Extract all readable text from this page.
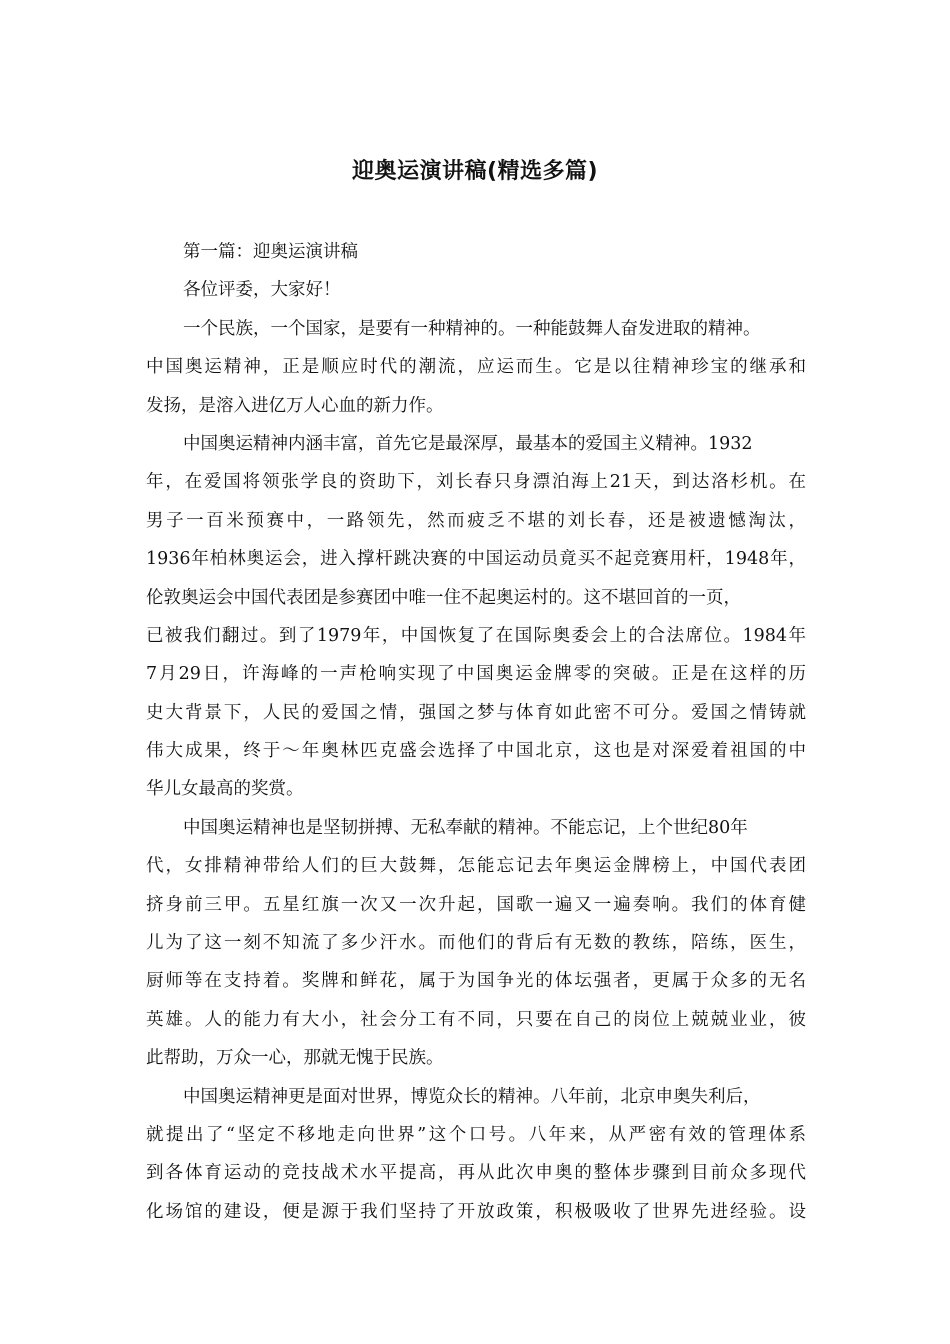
迎奥运演讲稿(精选多篇)
第一篇：迎奥运演讲稿
各位评委，大家好！
一个民族，一个国家，是要有一种精神的。一种能鼓舞人奋发进取的精神。
中国奥运精神，正是顺应时代的潮流，应运而生。它是以往精神珍宝的继承和
发扬，是溶入进亿万人心血的新力作。
中国奥运精神内涵丰富，首先它是最深厚，最基本的爱国主义精神。1932
年，在爱国将领张学良的资助下，刘长春只身漂泊海上21天，到达洛杉机。在
男子一百米预赛中，一路领先，然而疲乏不堪的刘长春，还是被遗憾淘汰，
1936年柏林奥运会，进入撑杆跳决赛的中国运动员竟买不起竞赛用杆，1948年，
伦敦奥运会中国代表团是参赛团中唯一住不起奥运村的。这不堪回首的一页，
已被我们翻过。到了1979年，中国恢复了在国际奥委会上的合法席位。1984年
7月29日，许海峰的一声枪响实现了中国奥运金牌零的突破。正是在这样的历
史大背景下，人民的爱国之情，强国之梦与体育如此密不可分。爱国之情铸就
伟大成果，终于～年奥林匹克盛会选择了中国北京，这也是对深爱着祖国的中
华儿女最高的奖赏。
中国奥运精神也是坚韧拼搏、无私奉献的精神。不能忘记，上个世纪80年
代，女排精神带给人们的巨大鼓舞，怎能忘记去年奥运金牌榜上，中国代表团
挤身前三甲。五星红旗一次又一次升起，国歌一遍又一遍奏响。我们的体育健
儿为了这一刻不知流了多少汗水。而他们的背后有无数的教练，陪练，医生，
厨师等在支持着。奖牌和鲜花，属于为国争光的体坛强者，更属于众多的无名
英雄。人的能力有大小，社会分工有不同，只要在自己的岗位上兢兢业业，彼
此帮助，万众一心，那就无愧于民族。
中国奥运精神更是面对世界，博览众长的精神。八年前，北京申奥失利后，
就提出了“坚定不移地走向世界”这个口号。八年来，从严密有效的管理体系
到各体育运动的竞技战术水平提高，再从此次申奥的整体步骤到目前众多现代
化场馆的建设，便是源于我们坚持了开放政策，积极吸收了世界先进经验。设
